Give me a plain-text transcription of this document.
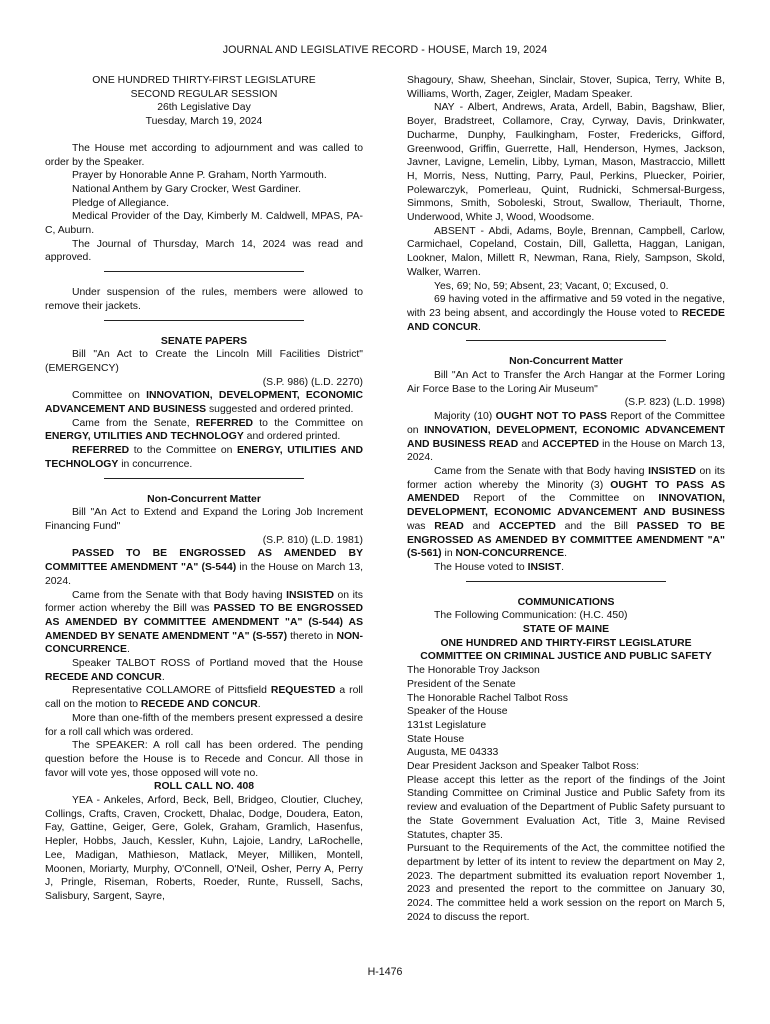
JOURNAL AND LEGISLATIVE RECORD - HOUSE, March 19, 2024

ONE HUNDRED THIRTY-FIRST LEGISLATURE

SECOND REGULAR SESSION

26th Legislative Day

Tuesday, March 19, 2024

The House met according to adjournment and was called to order by the Speaker.

Prayer by Honorable Anne P. Graham, North Yarmouth.

National Anthem by Gary Crocker, West Gardiner.

Pledge of Allegiance.

Medical Provider of the Day, Kimberly M. Caldwell, MPAS, PA-C, Auburn.

The Journal of Thursday, March 14, 2024 was read and approved.

Under suspension of the rules, members were allowed to remove their jackets.

SENATE PAPERS

Bill "An Act to Create the Lincoln Mill Facilities District" (EMERGENCY)

(S.P. 986) (L.D. 2270)

Committee on INNOVATION, DEVELOPMENT, ECONOMIC ADVANCEMENT AND BUSINESS suggested and ordered printed.

Came from the Senate, REFERRED to the Committee on ENERGY, UTILITIES AND TECHNOLOGY and ordered printed.

REFERRED to the Committee on ENERGY, UTILITIES AND TECHNOLOGY in concurrence.

Non-Concurrent Matter

Bill "An Act to Extend and Expand the Loring Job Increment Financing Fund"

(S.P. 810) (L.D. 1981)

PASSED TO BE ENGROSSED AS AMENDED BY COMMITTEE AMENDMENT "A" (S-544) in the House on March 13, 2024.

Came from the Senate with that Body having INSISTED on its former action whereby the Bill was PASSED TO BE ENGROSSED AS AMENDED BY COMMITTEE AMENDMENT "A" (S-544) AS AMENDED BY SENATE AMENDMENT "A" (S-557) thereto in NON-CONCURRENCE.

Speaker TALBOT ROSS of Portland moved that the House RECEDE AND CONCUR.

Representative COLLAMORE of Pittsfield REQUESTED a roll call on the motion to RECEDE AND CONCUR.

More than one-fifth of the members present expressed a desire for a roll call which was ordered.

The SPEAKER: A roll call has been ordered. The pending question before the House is to Recede and Concur. All those in favor will vote yes, those opposed will vote no.

ROLL CALL NO. 408

YEA - Ankeles, Arford, Beck, Bell, Bridgeo, Cloutier, Cluchey, Collings, Crafts, Craven, Crockett, Dhalac, Dodge, Doudera, Eaton, Fay, Gattine, Geiger, Gere, Golek, Graham, Gramlich, Hasenfus, Hepler, Hobbs, Jauch, Kessler, Kuhn, Lajoie, Landry, LaRochelle, Lee, Madigan, Mathieson, Matlack, Meyer, Milliken, Montell, Moonen, Moriarty, Murphy, O'Connell, O'Neil, Osher, Perry A, Perry J, Pringle, Riseman, Roberts, Roeder, Runte, Russell, Sachs, Salisbury, Sargent, Sayre,

Shagoury, Shaw, Sheehan, Sinclair, Stover, Supica, Terry, White B, Williams, Worth, Zager, Zeigler, Madam Speaker.

NAY - Albert, Andrews, Arata, Ardell, Babin, Bagshaw, Blier, Boyer, Bradstreet, Collamore, Cray, Cyrway, Davis, Drinkwater, Ducharme, Dunphy, Faulkingham, Foster, Fredericks, Gifford, Greenwood, Griffin, Guerrette, Hall, Henderson, Hymes, Jackson, Javner, Lavigne, Lemelin, Libby, Lyman, Mason, Mastraccio, Millett H, Morris, Ness, Nutting, Parry, Paul, Perkins, Pluecker, Poirier, Polewarczyk, Pomerleau, Quint, Rudnicki, Schmersal-Burgess, Simmons, Smith, Soboleski, Strout, Swallow, Theriault, Thorne, Underwood, White J, Wood, Woodsome.

ABSENT - Abdi, Adams, Boyle, Brennan, Campbell, Carlow, Carmichael, Copeland, Costain, Dill, Galletta, Haggan, Lanigan, Lookner, Malon, Millett R, Newman, Rana, Riely, Sampson, Skold, Walker, Warren.

Yes, 69; No, 59; Absent, 23; Vacant, 0; Excused, 0.

69 having voted in the affirmative and 59 voted in the negative, with 23 being absent, and accordingly the House voted to RECEDE AND CONCUR.

Non-Concurrent Matter

Bill "An Act to Transfer the Arch Hangar at the Former Loring Air Force Base to the Loring Air Museum"

(S.P. 823) (L.D. 1998)

Majority (10) OUGHT NOT TO PASS Report of the Committee on INNOVATION, DEVELOPMENT, ECONOMIC ADVANCEMENT AND BUSINESS READ and ACCEPTED in the House on March 13, 2024.

Came from the Senate with that Body having INSISTED on its former action whereby the Minority (3) OUGHT TO PASS AS AMENDED Report of the Committee on INNOVATION, DEVELOPMENT, ECONOMIC ADVANCEMENT AND BUSINESS was READ and ACCEPTED and the Bill PASSED TO BE ENGROSSED AS AMENDED BY COMMITTEE AMENDMENT "A" (S-561) in NON-CONCURRENCE.

The House voted to INSIST.

COMMUNICATIONS

The Following Communication: (H.C. 450)

STATE OF MAINE

ONE HUNDRED AND THIRTY-FIRST LEGISLATURE

COMMITTEE ON CRIMINAL JUSTICE AND PUBLIC SAFETY

The Honorable Troy Jackson

President of the Senate

The Honorable Rachel Talbot Ross

Speaker of the House

131st Legislature

State House

Augusta, ME 04333

Dear President Jackson and Speaker Talbot Ross:

Please accept this letter as the report of the findings of the Joint Standing Committee on Criminal Justice and Public Safety from its review and evaluation of the Department of Public Safety pursuant to the State Government Evaluation Act, Title 3, Maine Revised Statutes, chapter 35.

Pursuant to the Requirements of the Act, the committee notified the department by letter of its intent to review the department on May 2, 2023. The department submitted its evaluation report November 1, 2023 and presented the report to the committee on January 30, 2024. The committee held a work session on the report on March 5, 2024 to discuss the report.

H-1476
